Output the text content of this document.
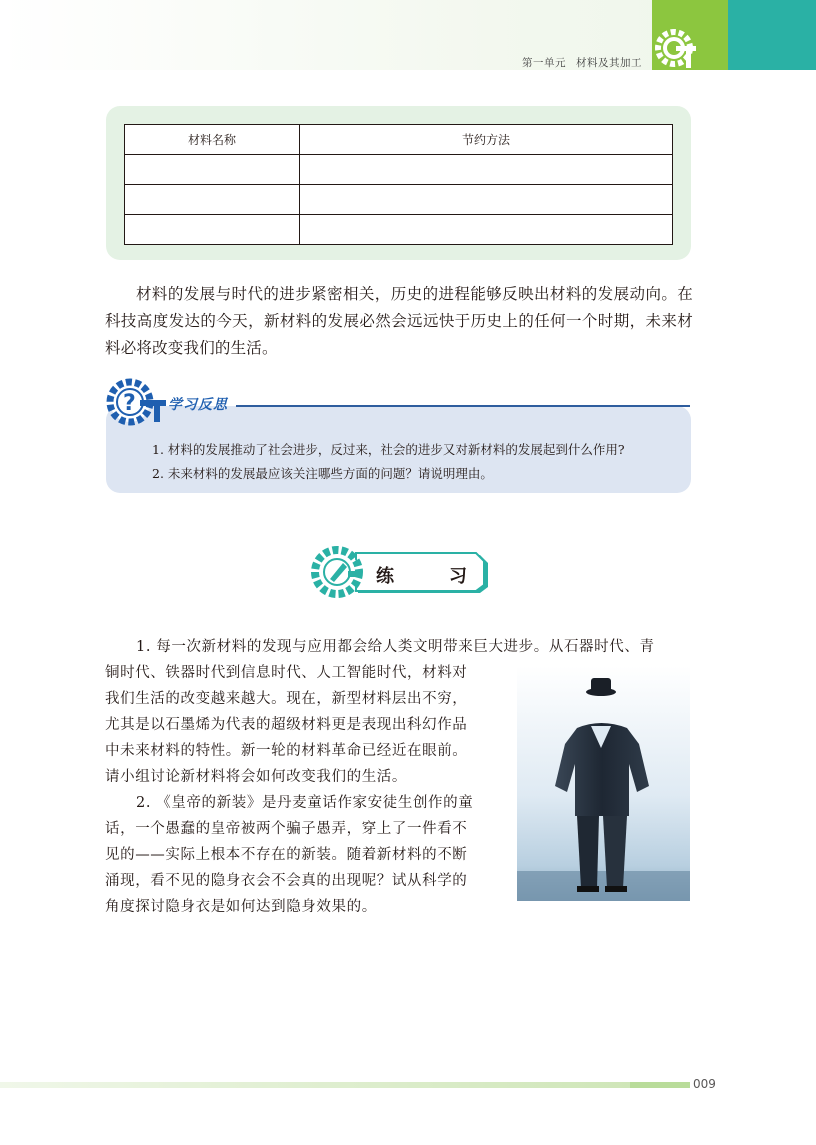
第一单元 材料及其加工
材料名称	节约方法

材料的发展与时代的进步紧密相关，历史的进程能够反映出材料的发展动向。在科技高度发达的今天，新材料的发展必然会远远快于历史上的任何一个时期，未来材料必将改变我们的生活。
? 学习反思
1. 材料的发展推动了社会进步，反过来，社会的进步又对新材料的发展起到什么作用?
2. 未来材料的发展最应该关注哪些方面的问题？请说明理由。
练	习
1. 每一次新材料的发现与应用都会给人类文明带来巨大进步。从石器时代、青
铜时代、铁器时代到信息时代、人工智能时代，材料对
我们生活的改变越来越大。现在，新型材料层出不穷，
尤其是以石墨烯为代表的超级材料更是表现出科幻作品
中未来材料的特性。新一轮的材料革命已经近在眼前。
请小组讨论新材料将会如何改变我们的生活。
2. 《皇帝的新装》是丹麦童话作家安徒生创作的童
话，一个愚蠢的皇帝被两个骗子愚弄，穿上了一件看不
见的——实际上根本不存在的新装。随着新材料的不断
涌现，看不见的隐身衣会不会真的出现呢？试从科学的
角度探讨隐身衣是如何达到隐身效果的。
009
